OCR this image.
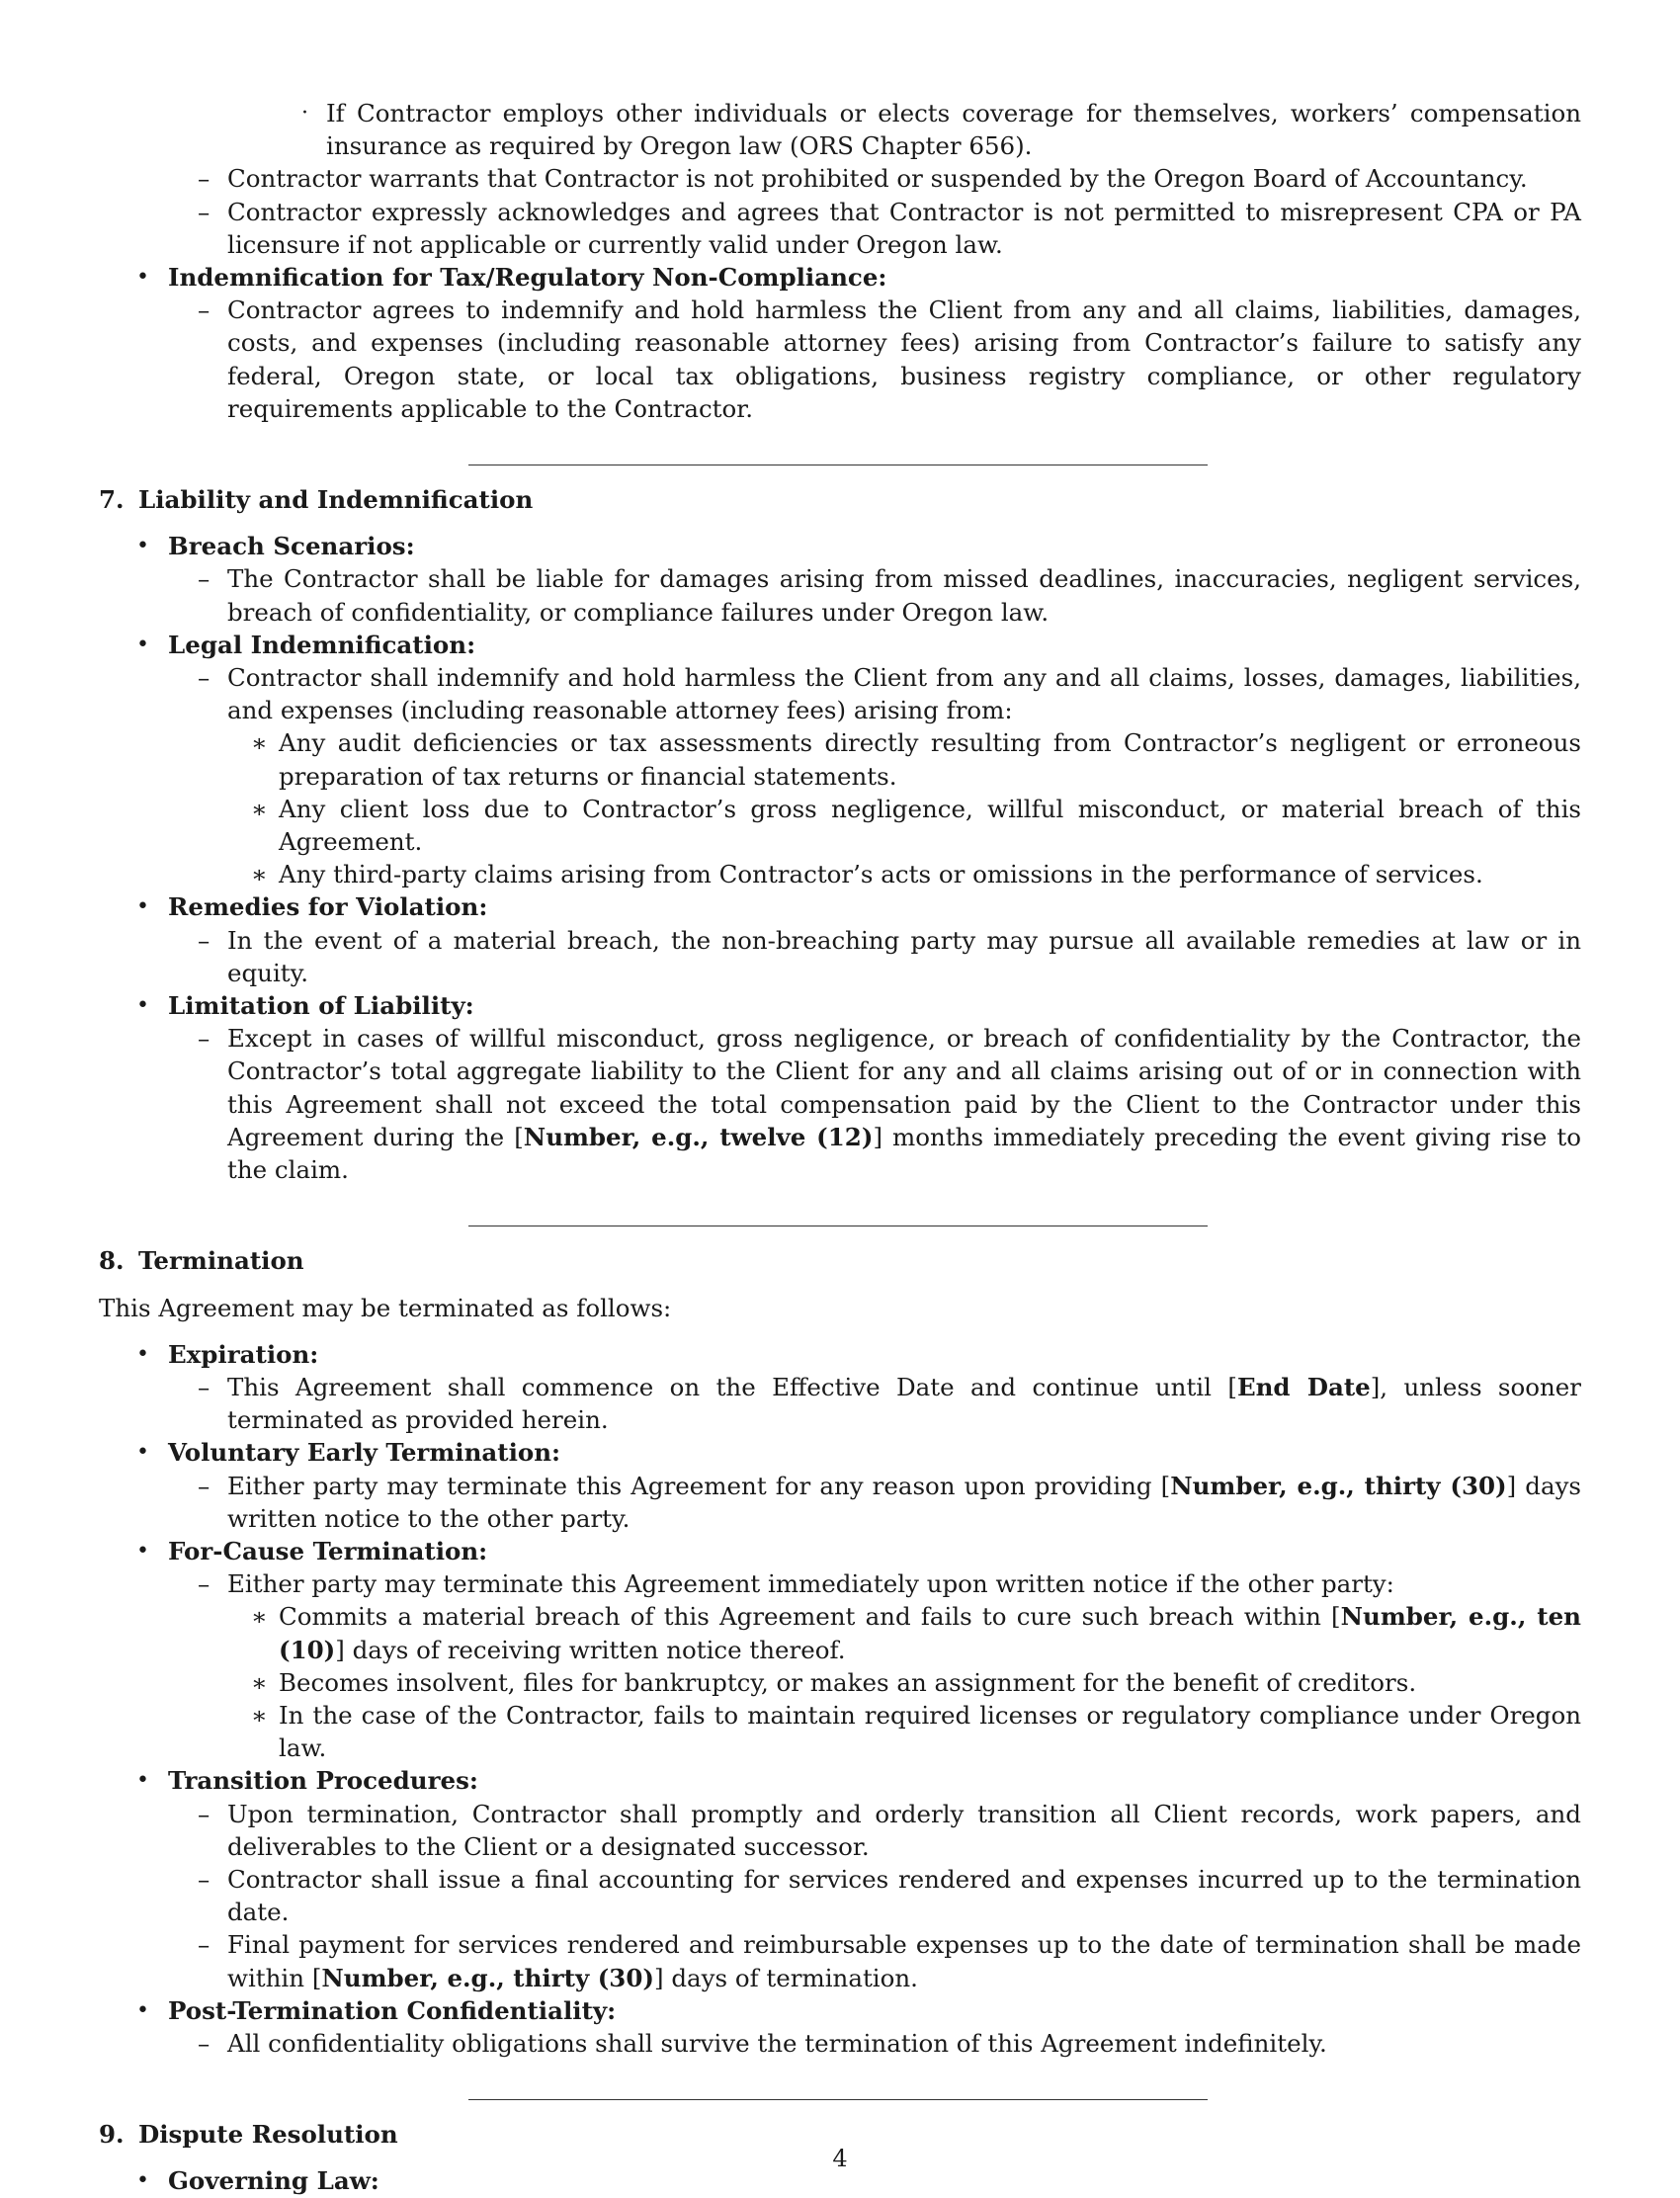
· If Contractor employs other individuals or elects coverage for themselves, workers’ compensation insurance as required by Oregon law (ORS Chapter 656).
– Contractor warrants that Contractor is not prohibited or suspended by the Oregon Board of Accountancy.
– Contractor expressly acknowledges and agrees that Contractor is not permitted to misrepresent CPA or PA licensure if not applicable or currently valid under Oregon law.
• Indemnification for Tax/Regulatory Non-Compliance:
– Contractor agrees to indemnify and hold harmless the Client from any and all claims, liabilities, damages, costs, and expenses (including reasonable attorney fees) arising from Contractor’s failure to satisfy any federal, Oregon state, or local tax obligations, business registry compliance, or other regulatory requirements applicable to the Contractor.
7. Liability and Indemnification
• Breach Scenarios:
– The Contractor shall be liable for damages arising from missed deadlines, inaccuracies, negligent services, breach of confidentiality, or compliance failures under Oregon law.
• Legal Indemnification:
– Contractor shall indemnify and hold harmless the Client from any and all claims, losses, damages, liabilities, and expenses (including reasonable attorney fees) arising from:
∗ Any audit deficiencies or tax assessments directly resulting from Contractor’s negligent or erroneous preparation of tax returns or financial statements.
∗ Any client loss due to Contractor’s gross negligence, willful misconduct, or material breach of this Agreement.
∗ Any third-party claims arising from Contractor’s acts or omissions in the performance of services.
• Remedies for Violation:
– In the event of a material breach, the non-breaching party may pursue all available remedies at law or in equity.
• Limitation of Liability:
– Except in cases of willful misconduct, gross negligence, or breach of confidentiality by the Contractor, the Contractor’s total aggregate liability to the Client for any and all claims arising out of or in connection with this Agreement shall not exceed the total compensation paid by the Client to the Contractor under this Agreement during the [Number, e.g., twelve (12)] months immediately preceding the event giving rise to the claim.
8. Termination
This Agreement may be terminated as follows:
• Expiration:
– This Agreement shall commence on the Effective Date and continue until [End Date], unless sooner terminated as provided herein.
• Voluntary Early Termination:
– Either party may terminate this Agreement for any reason upon providing [Number, e.g., thirty (30)] days written notice to the other party.
• For-Cause Termination:
– Either party may terminate this Agreement immediately upon written notice if the other party:
∗ Commits a material breach of this Agreement and fails to cure such breach within [Number, e.g., ten (10)] days of receiving written notice thereof.
∗ Becomes insolvent, files for bankruptcy, or makes an assignment for the benefit of creditors.
∗ In the case of the Contractor, fails to maintain required licenses or regulatory compliance under Oregon law.
• Transition Procedures:
– Upon termination, Contractor shall promptly and orderly transition all Client records, work papers, and deliverables to the Client or a designated successor.
– Contractor shall issue a final accounting for services rendered and expenses incurred up to the termination date.
– Final payment for services rendered and reimbursable expenses up to the date of termination shall be made within [Number, e.g., thirty (30)] days of termination.
• Post-Termination Confidentiality:
– All confidentiality obligations shall survive the termination of this Agreement indefinitely.
9. Dispute Resolution
• Governing Law:
4
